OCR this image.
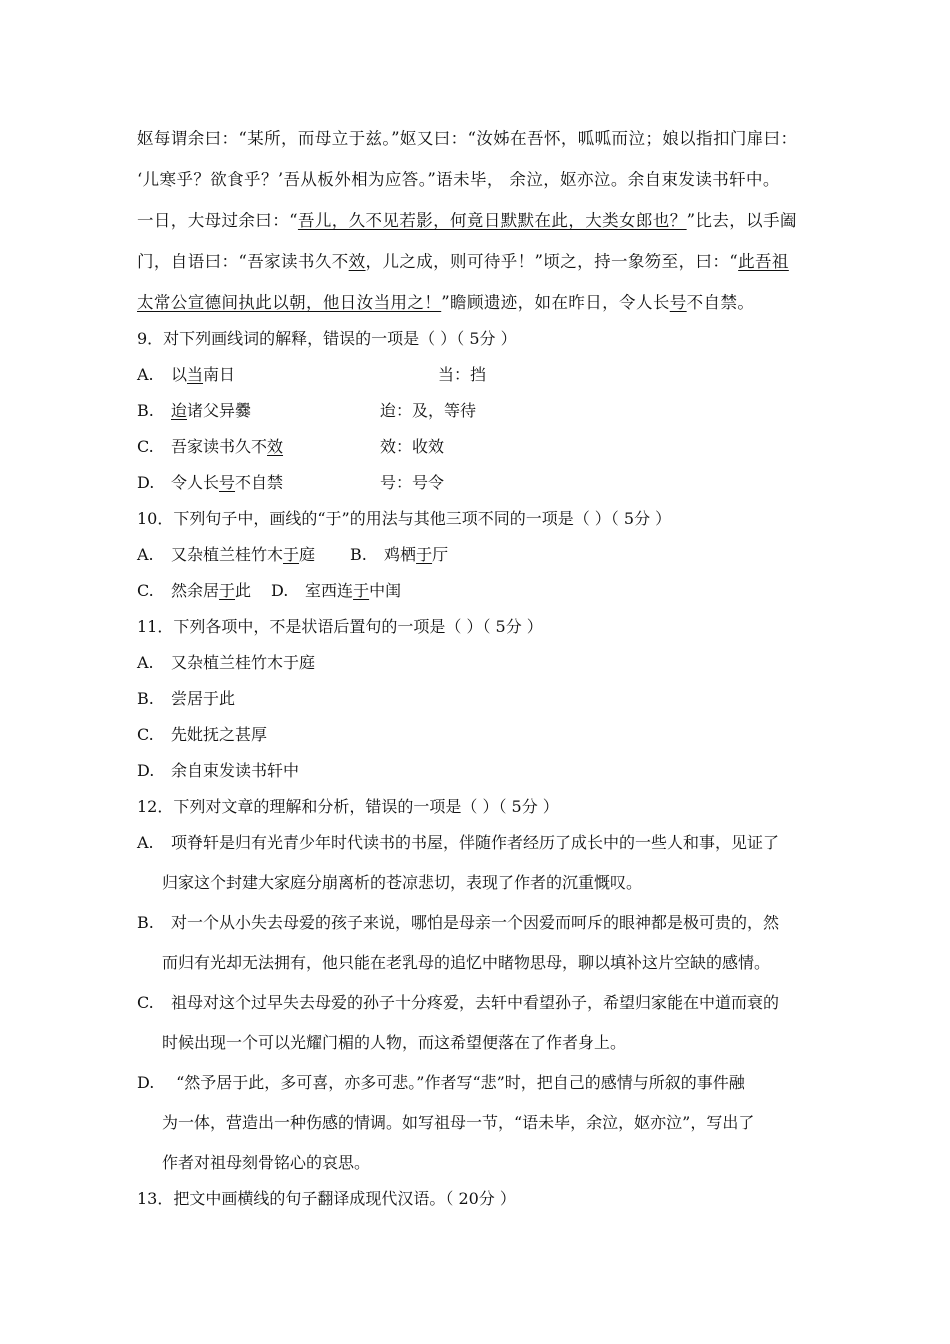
妪每谓余曰：“某所，而母立于兹。”妪又曰：“汝姊在吾怀，呱呱而泣；娘以指扣门扉曰：
‘儿寒乎？欲食乎？’吾从板外相为应答。”语未毕， 余泣，妪亦泣。余自束发读书轩中。
一日，大母过余曰：“吾儿，久不见若影，何竟日默默在此，大类女郎也？”比去，以手阖
门，自语曰：“吾家读书久不效，儿之成，则可待乎！”顷之，持一象笏至，曰：“此吾祖
太常公宣德间执此以朝，他日汝当用之！”瞻顾遗迹，如在昨日，令人长号不自禁。
9．对下列画线词的解释，错误的一项是（ ）（ 5分 ）
A. 以当南日	当：挡
B. 迨诸父异爨	迨：及，等待
C. 吾家读书久不效	效：收效
D. 令人长号不自禁	号：号令
10．下列句子中，画线的“于”的用法与其他三项不同的一项是（ ）（ 5分 ）
A. 又杂植兰桂竹木于庭 B. 鸡栖于厅
C. 然余居于此 D. 室西连于中闺
11．下列各项中，不是状语后置句的一项是（ ）（ 5分 ）
A. 又杂植兰桂竹木于庭
B. 尝居于此
C. 先妣抚之甚厚
D. 余自束发读书轩中
12．下列对文章的理解和分析，错误的一项是（ ）（ 5分 ）
A. 项脊轩是归有光青少年时代读书的书屋，伴随作者经历了成长中的一些人和事，见证了
归家这个封建大家庭分崩离析的苍凉悲切，表现了作者的沉重慨叹。
B. 对一个从小失去母爱的孩子来说，哪怕是母亲一个因爱而呵斥的眼神都是极可贵的，然
而归有光却无法拥有，他只能在老乳母的追忆中睹物思母，聊以填补这片空缺的感情。
C. 祖母对这个过早失去母爱的孙子十分疼爱，去轩中看望孙子，希望归家能在中道而衰的
时候出现一个可以光耀门楣的人物，而这希望便落在了作者身上。
D. “然予居于此，多可喜，亦多可悲。”作者写“悲”时，把自己的感情与所叙的事件融
为一体，营造出一种伤感的情调。如写祖母一节，“语未毕，余泣，妪亦泣”，写出了
作者对祖母刻骨铭心的哀思。
13．把文中画横线的句子翻译成现代汉语。（ 20分 ）
